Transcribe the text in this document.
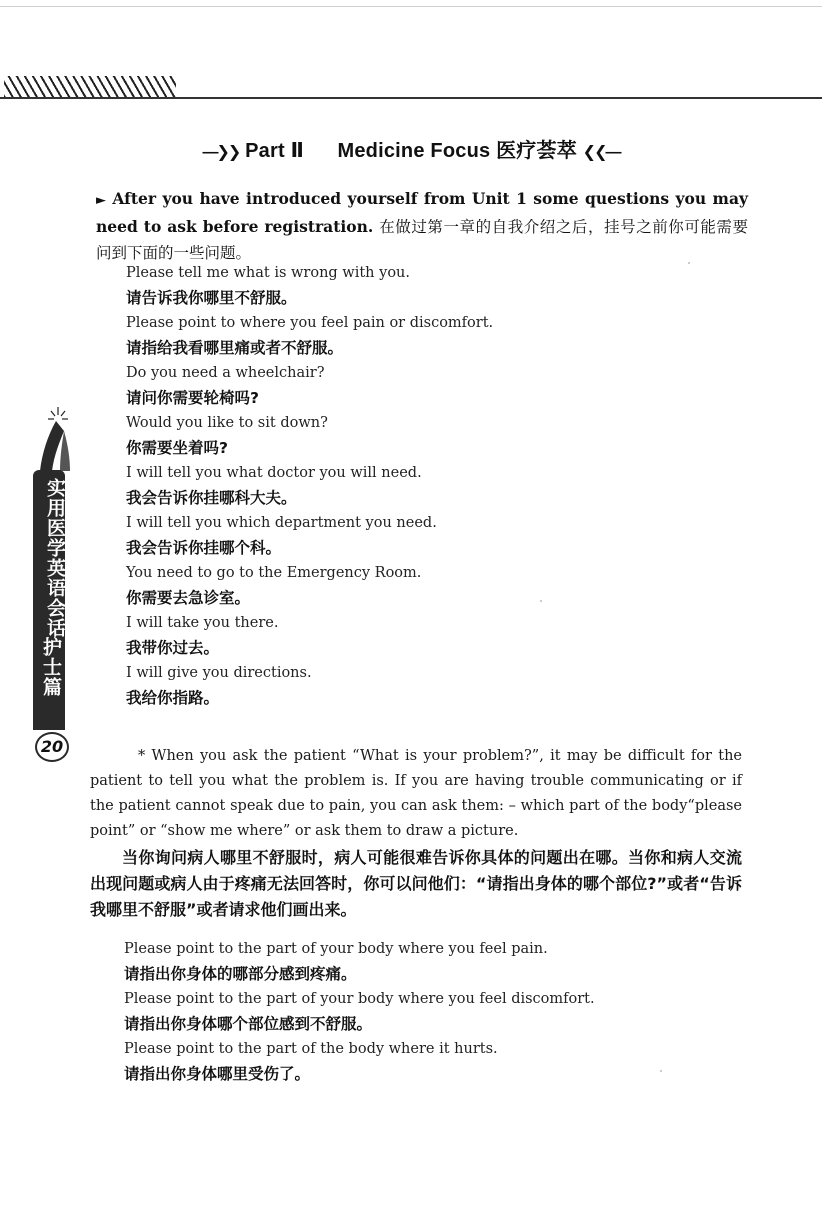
—❯❯ Part Ⅱ Medicine Focus 医疗荟萃 ❮❮—
► After you have introduced yourself from Unit 1 some questions you may need to ask before registration. 在做过第一章的自我介绍之后，挂号之前你可能需要问到下面的一些问题。
Please tell me what is wrong with you.
请告诉我你哪里不舒服。
Please point to where you feel pain or discomfort.
请指给我看哪里痛或者不舒服。
Do you need a wheelchair?
请问你需要轮椅吗?
Would you like to sit down?
你需要坐着吗?
I will tell you what doctor you will need.
我会告诉你挂哪科大夫。
I will tell you which department you need.
我会告诉你挂哪个科。
You need to go to the Emergency Room.
你需要去急诊室。
I will take you there.
我带你过去。
I will give you directions.
我给你指路。
* When you ask the patient “What is your problem?”, it may be difficult for the patient to tell you what the problem is. If you are having trouble communicating or if the patient cannot speak due to pain, you can ask them: – which part of the body“please point” or “show me where” or ask them to draw a picture.
当你询问病人哪里不舒服时，病人可能很难告诉你具体的问题出在哪。当你和病人交流出现问题或病人由于疼痛无法回答时，你可以问他们：“请指出身体的哪个部位?”或者“告诉我哪里不舒服”或者请求他们画出来。
Please point to the part of your body where you feel pain.
请指出你身体的哪部分感到疼痛。
Please point to the part of your body where you feel discomfort.
请指出你身体哪个部位感到不舒服。
Please point to the part of the body where it hurts.
请指出你身体哪里受伤了。
实用医学英语会话
护士篇
20
